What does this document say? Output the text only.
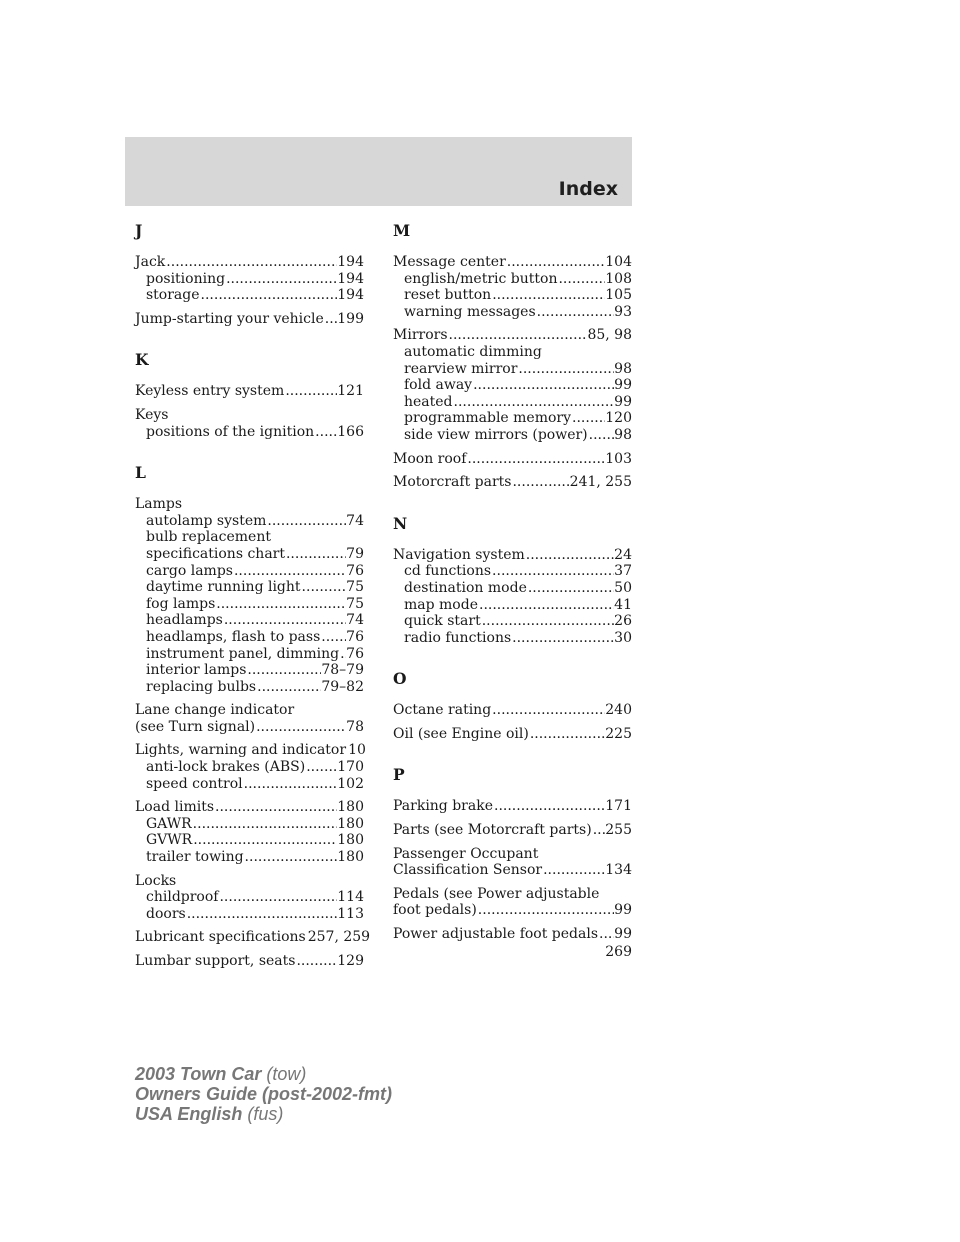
Index
J
Jack .....	194
positioning .....	194
storage .....	194
Jump-starting your vehicle ..... 199
K
Keyless entry system .....	121
Keys
positions of the ignition ..... 166
L
Lamps
autolamp system .....	74
bulb replacement
specifications chart .....	79
cargo lamps .....	76
daytime running light .....	75
fog lamps .....	75
headlamps .....	74
headlamps, flash to pass ..... 76
instrument panel, dimming ..... 76
interior lamps .....	78–79
replacing bulbs .....	79–82
Lane change indicator
(see Turn signal) .....	78
Lights, warning and indicator ..... 10
anti-lock brakes (ABS) ..... 170
speed control .....	102
Load limits .....	180
GAWR .....	180
GVWR .....	180
trailer towing .....	180
Locks
childproof .....	114
doors .....	113
Lubricant specifications ..... 257, 259
Lumbar support, seats .....	129
M
Message center .....	104
english/metric button .....	108
reset button .....	105
warning messages .....	93
Mirrors .....	85, 98
automatic dimming
rearview mirror .....	98
fold away .....	99
heated .....	99
programmable memory ..... 120
side view mirrors (power) ..... 98
Moon roof .....	103
Motorcraft parts .....	241, 255
N
Navigation system .....	24
cd functions .....	37
destination mode .....	50
map mode .....	41
quick start .....	26
radio functions .....	30
O
Octane rating .....	240
Oil (see Engine oil) .....	225
P
Parking brake .....	171
Parts (see Motorcraft parts) ..... 255
Passenger Occupant
Classification Sensor .....	134
Pedals (see Power adjustable
foot pedals) .....	99
Power adjustable foot pedals ..... 99
269
2003 Town Car (tow)
Owners Guide (post-2002-fmt)
USA English (fus)
